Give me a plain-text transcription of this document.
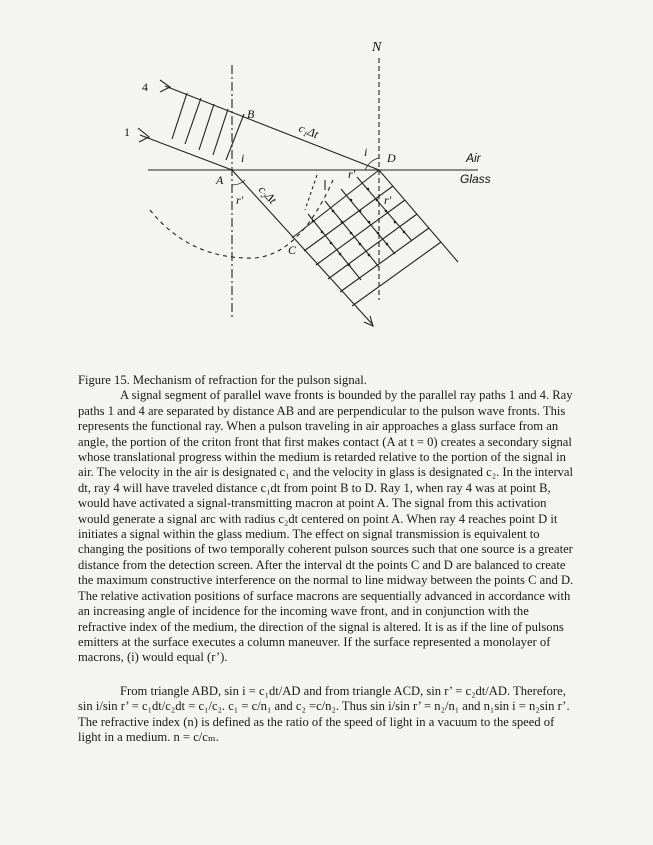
N
4
1
B
A
C
D
i	i
r'
r'
r'
c₁Δt
c₂Δt
Air
Glass

Figure 15. Mechanism of refraction for the pulson signal.

A signal segment of parallel wave fronts is bounded by the parallel ray paths 1 and 4. Ray paths 1 and 4 are separated by distance AB and are perpendicular to the pulson wave fronts. This represents the functional ray. When a pulson traveling in air approaches a glass surface from an angle, the portion of the criton front that first makes contact (A at t = 0) creates a secondary signal whose translational progress within the medium is retarded relative to the portion of the signal in air. The velocity in the air is designated c₁ and the velocity in glass is designated c₂. In the interval dt, ray 4 will have traveled distance c₁dt from point B to D. Ray 1, when ray 4 was at point B, would have activated a signal-transmitting macron at point A. The signal from this activation would generate a signal arc with radius c₂dt centered on point A. When ray 4 reaches point D it initiates a signal within the glass medium. The effect on signal transmission is equivalent to changing the positions of two temporally coherent pulson sources such that one source is a greater distance from the detection screen. After the interval dt the points C and D are balanced to create the maximum constructive interference on the normal to line midway between the points C and D. The relative activation positions of surface macrons are sequentially advanced in accordance with an increasing angle of incidence for the incoming wave front, and in conjunction with the refractive index of the medium, the direction of the signal is altered. It is as if the line of pulsons emitters at the surface executes a column maneuver. If the surface represented a monolayer of macrons, (i) would equal (r’).

From triangle ABD, sin i = c₁dt/AD and from triangle ACD, sin r’ = c₂dt/AD. Therefore, sin i/sin r’ = c₁dt/c₂dt = c₁/c₂. c₁ = c/n₁ and c₂ =c/n₂. Thus sin i/sin r’ = n₂/n₁ and n₁sin i = n₂sin r’. The refractive index (n) is defined as the ratio of the speed of light in a vacuum to the speed of light in a medium. n = c/cₘ.
